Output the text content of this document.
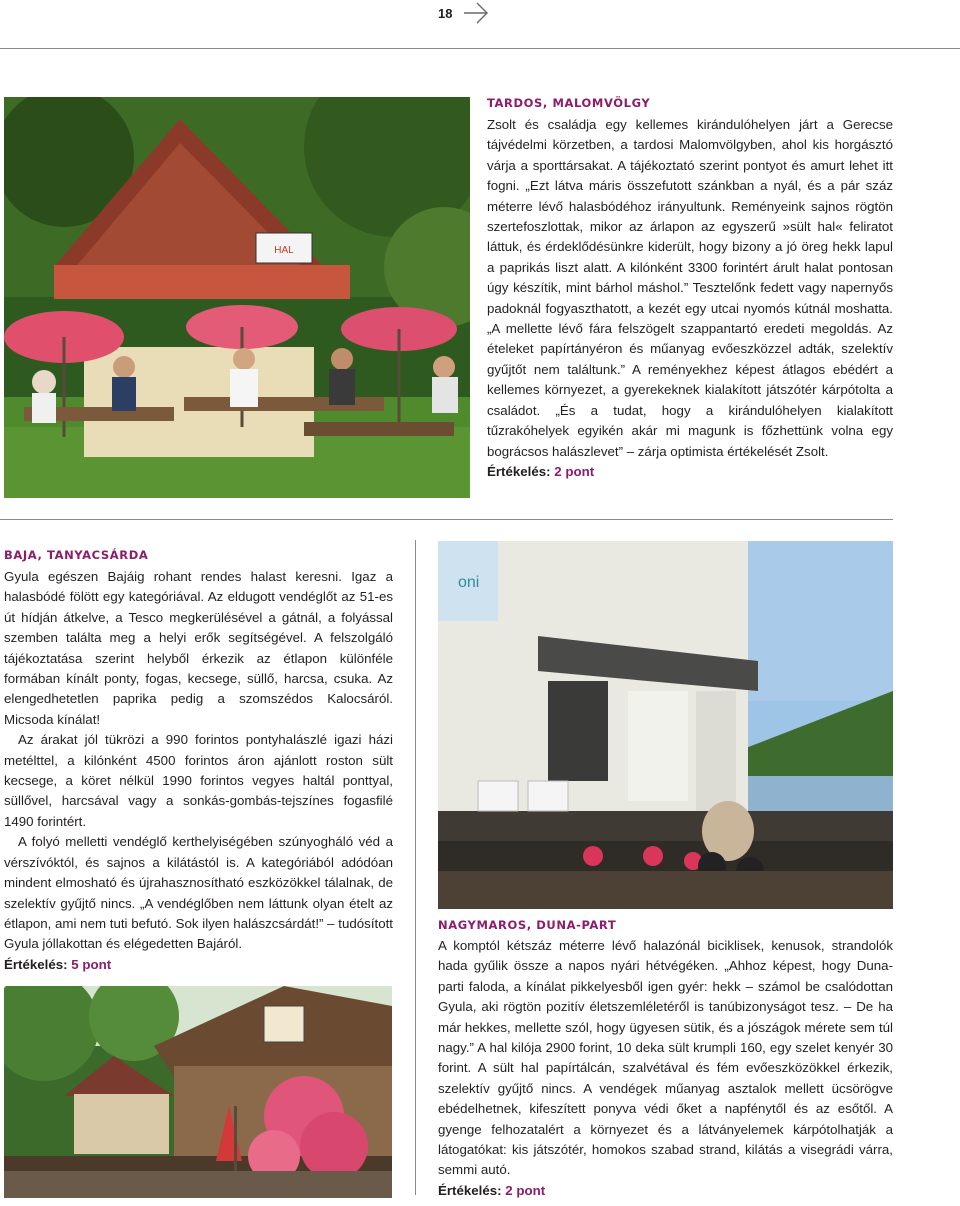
18
HAL
TARDOS, MALOMVÖLGY

Zsolt és családja egy kellemes kirándulóhelyen járt a Gerecse tájvédelmi körzetben, a tardosi Malomvölgyben, ahol kis horgásztó várja a sporttársakat. A tájékoztató szerint pontyot és amurt lehet itt fogni. „Ezt látva máris összefutott szánkban a nyál, és a pár száz méterre lévő halasbódéhoz irányultunk. Reményeink sajnos rögtön szertefoszlottak, mikor az árlapon az egyszerű »sült hal« feliratot láttuk, és érdeklődésünkre kiderült, hogy bizony a jó öreg hekk lapul a paprikás liszt alatt. A kilónként 3300 forintért árult halat pontosan úgy készítik, mint bárhol máshol.” Tesztelőnk fedett vagy napernyős padoknál fogyaszthatott, a kezét egy utcai nyomós kútnál moshatta. „A mellette lévő fára felszögelt szappantartó eredeti megoldás. Az ételeket papírtányéron és műanyag evőeszközzel adták, szelektív gyűjtőt nem találtunk.” A reményekhez képest átlagos ebédért a kellemes környezet, a gyerekeknek kialakított játszótér kárpótolta a családot. „És a tudat, hogy a kirándulóhelyen kialakított tűzrakóhelyek egyikén akár mi magunk is főzhettünk volna egy bográcsos halászlevet” – zárja optimista értékelését Zsolt.

Értékelés: 2 pont
BAJA, TANYACSÁRDA

Gyula egészen Bajáig rohant rendes halast keresni. Igaz a halasbódé fölött egy kategóriával. Az eldugott vendéglőt az 51-es út hídján átkelve, a Tesco megkerülésével a gátnál, a folyással szemben találta meg a helyi erők segítségével. A felszolgáló tájékoztatása szerint helyből érkezik az étlapon különféle formában kínált ponty, fogas, kecsege, süllő, harcsa, csuka. Az elengedhetetlen paprika pedig a szomszédos Kalocsáról. Micsoda kínálat!

Az árakat jól tükrözi a 990 forintos pontyhalászlé igazi házi metélttel, a kilónként 4500 forintos áron ajánlott roston sült kecsege, a köret nélkül 1990 forintos vegyes haltál ponttyal, süllővel, harcsával vagy a sonkás-gombás-tejszínes fogasfilé 1490 forintért.

A folyó melletti vendéglő kerthelyiségében szúnyogháló véd a vérszívóktól, és sajnos a kilátástól is. A kategóriából adódóan mindent elmosható és újrahasznosítható eszközökkel tálalnak, de szelektív gyűjtő nincs. „A vendéglőben nem láttunk olyan ételt az étlapon, ami nem tuti befutó. Sok ilyen halászcsárdát!” – tudósított Gyula jóllakottan és elégedetten Bajáról.

Értékelés: 5 pont
oni
NAGYMAROS, DUNA-PART

A komptól kétszáz méterre lévő halazónál biciklisek, kenusok, strandolók hada gyűlik össze a napos nyári hétvégéken. „Ahhoz képest, hogy Duna-parti faloda, a kínálat pikkelyesből igen gyér: hekk – számol be csalódottan Gyula, aki rögtön pozitív életszemléletéről is tanúbizonyságot tesz. – De ha már hekkes, mellette szól, hogy ügyesen sütik, és a jószágok mérete sem túl nagy.” A hal kilója 2900 forint, 10 deka sült krumpli 160, egy szelet kenyér 30 forint. A sült hal papírtálcán, szalvétával és fém evőeszközökkel érkezik, szelektív gyűjtő nincs. A vendégek műanyag asztalok mellett ücsörögve ebédelhetnek, kifeszített ponyva védi őket a napfénytől és az esőtől. A gyenge felhozatalért a környezet és a látványelemek kárpótolhatják a látogatókat: kis játszótér, homokos szabad strand, kilátás a visegrádi várra, semmi autó.

Értékelés: 2 pont
